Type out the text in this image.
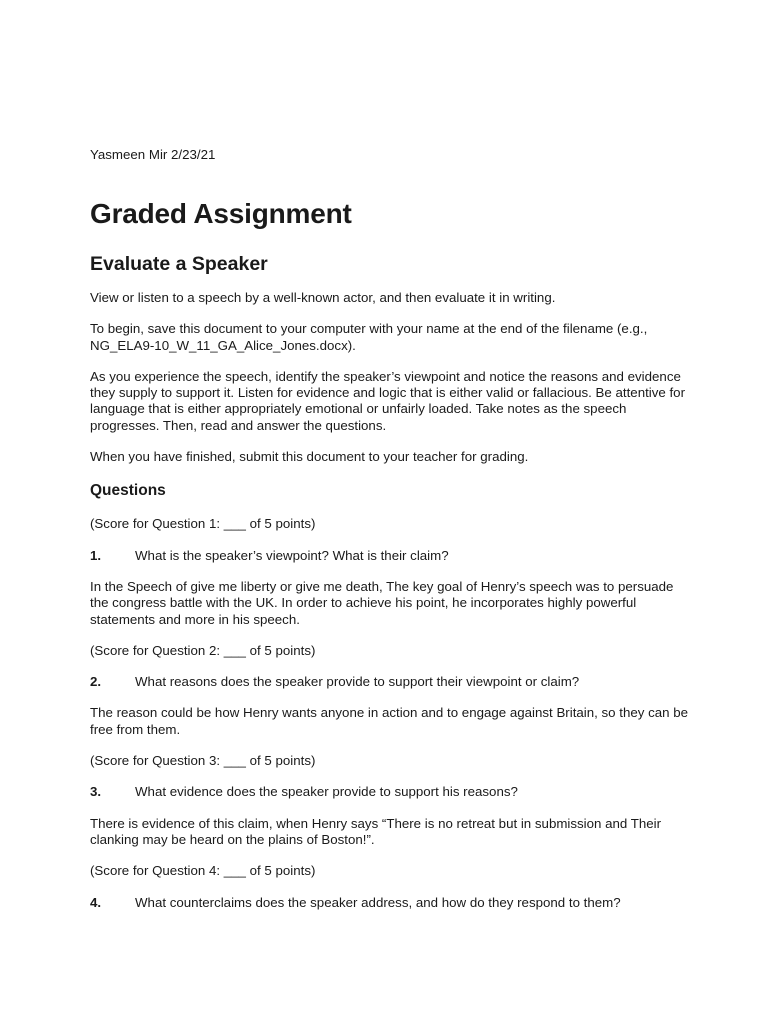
Yasmeen Mir 2/23/21

Graded Assignment
Evaluate a Speaker

View or listen to a speech by a well-known actor, and then evaluate it in writing.

To begin, save this document to your computer with your name at the end of the filename (e.g., NG_ELA9-10_W_11_GA_Alice_Jones.docx).

As you experience the speech, identify the speaker’s viewpoint and notice the reasons and evidence they supply to support it. Listen for evidence and logic that is either valid or fallacious. Be attentive for language that is either appropriately emotional or unfairly loaded. Take notes as the speech progresses. Then, read and answer the questions.

When you have finished, submit this document to your teacher for grading.

Questions

(Score for Question 1: ___ of 5 points)

1.	What is the speaker’s viewpoint? What is their claim?

In the Speech of give me liberty or give me death, The key goal of Henry’s speech was to persuade the congress battle with the UK. In order to achieve his point, he incorporates highly powerful statements and more in his speech.

(Score for Question 2: ___ of 5 points)

2.	What reasons does the speaker provide to support their viewpoint or claim?

The reason could be how Henry wants anyone in action and to engage against Britain, so they can be free from them.

(Score for Question 3: ___ of 5 points)

3.	What evidence does the speaker provide to support his reasons?

There is evidence of this claim, when Henry says “There is no retreat but in submission and Their clanking may be heard on the plains of Boston!”.

(Score for Question 4: ___ of 5 points)

4.	What counterclaims does the speaker address, and how do they respond to them?
